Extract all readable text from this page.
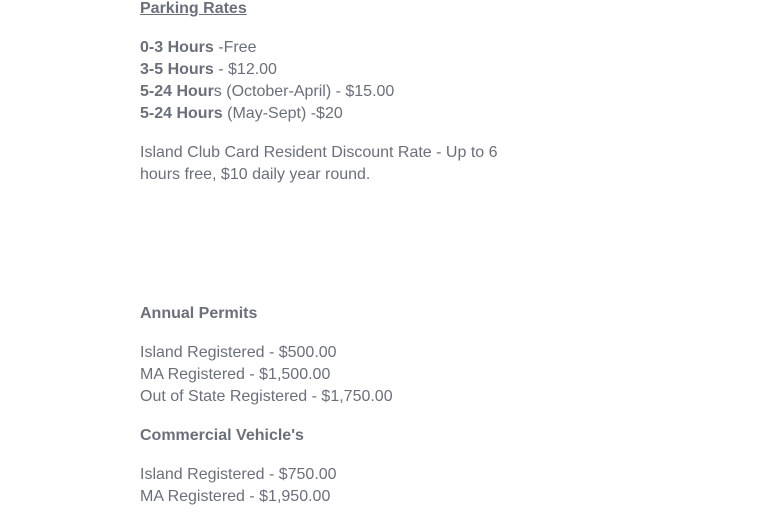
Parking Rates

0-3 Hours -Free
3-5 Hours - $12.00
5-24 Hours (October-April) - $15.00
5-24 Hours (May-Sept) -$20

Island Club Card Resident Discount Rate - Up to 6 hours free, $10 daily year round.

Annual Permits

Island Registered - $500.00
MA Registered - $1,500.00
Out of State Registered - $1,750.00

Commercial Vehicle's

Island Registered - $750.00
MA Registered - $1,950.00
